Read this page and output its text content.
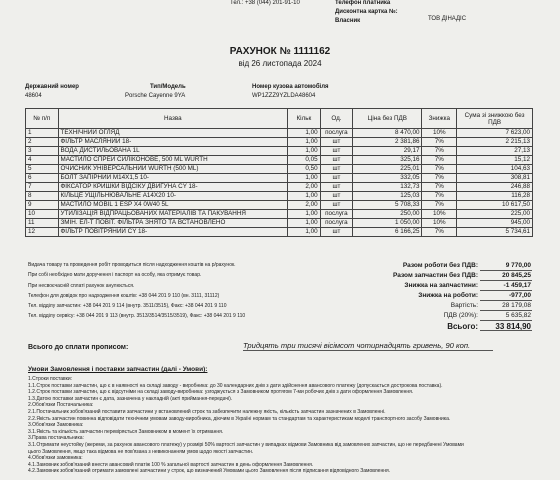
Тел.: +38 (044) 201-91-10	Телефон платника
Дисконтна картка №:
Власник	ТОВ ДІНАДІС
РАХУНОК № 1111162
від 26 листопада 2024
Державний номер
48604
Тип/Модель
Porsche Cayenne 9YA
Номер кузова автомобіля
WP1ZZZ9YZLDA48604
№ п/п	Назва	Кільк	Од.	Ціна без ПДВ	Знижка	Сума зі знижкою без ПДВ
1	ТЕХНІЧНИЙ ОГЛЯД	1,00	послуга	8 470,00	10%	7 623,00
2	ФІЛЬТР МАСЛЯНИЙ 18-	1,00	шт	2 381,86	7%	2 215,13
3	ВОДА ДИСТИЛЬОВАНА 1L	1,00	шт	29,17	7%	27,13
4	МАСТИЛО СПРЕЙ СИЛІКОНОВЕ, 500 ML WURTH	0,05	шт	325,16	7%	15,12
5	ОЧИСНИК УНІВЕРСАЛЬНИЙ WURTH (500 ML)	0,50	шт	225,01	7%	104,63
6	БОЛТ ЗАПІРНИЙ М14Х1,5 10-	1,00	шт	332,05	7%	308,81
7	ФІКСАТОР КРИШКИ ВІДСІКУ ДВИГУНА CY 18-	2,00	шт	132,73	7%	246,88
8	КІЛЬЦЕ УЩІЛЬНЮВАЛЬНЕ А14Х20 10-	1,00	шт	125,03	7%	116,28
9	МАСТИЛО MOBIL 1 ESP X4 0W40 5L	2,00	шт	5 708,33	7%	10 617,50
10	УТИЛІЗАЦІЯ ВІДПРАЦЬОВАНИХ МАТЕРІАЛІВ ТА ПАКУВАННЯ	1,00	послуга	250,00	10%	225,00
11	ЗМІН. ЕЛ-Т ПОВІТ. ФІЛЬТРА ЗНЯТО ТА ВСТАНОВЛЕНО	1,00	послуга	1 050,00	10%	945,00
12	ФІЛЬТР ПОВІТРЯНИЙ CY 18-	1,00	шт	6 166,25	7%	5 734,61
Видача товару та проведення робіт проводиться після надходження коштів на р/рахунок.
При собі необхідно мати доручення і паспорт на особу, яка отримує товар.
При несвоєчасній сплаті рахунок анулюється.
Телефон для довідок про надходження коштів: +38 044 201 9 110 (вн. 3111, 31112)
Тел. відділу запчастин: +38 044 201 9 114 (внутр. 3511/3515), Факс: +38 044 201 9 110
Тел. відділу сервісу: +38 044 201 9 113 (внутр. 3513/3514/3515/3519), Факс: +38 044 201 9 110
Разом роботи без ПДВ:	9 770,00
Разом запчастин без ПДВ:	20 845,25
Знижка на запчастини:	-1 459,17
Знижка на роботи:	-977,00
Вартість:	28 179,08
ПДВ (20%):	5 635,82
Всього: 33 814,90
Всього до сплати прописом:	Тридцять три тисячі вісімсот чотирнадцять гривень, 90 коп.
Умови Замовлення і поставки запчастин (далі - Умови):
1.Строки поставки:
1.1.Строк поставки запчастин, що є в наявності на складі заводу - виробника: до 30 календарних днів з дати здійснення авансового платежу (допускається дострокова поставка).
1.2.Строк поставки запчастин, що є відсутніми на складі заводу-виробника: узгоджується з Замовником протягом 7-ми робочих днів з дати оформлення Замовлення.
1.3.Датою поставки запчастин є дата, зазначена у накладній (акті приймання-передачі).
2.Обов'язки Постачальника:
2.1.Постачальник зобов'язаний поставити запчастини у встановлений строк та забезпечити належну якість, кількість запчастин зазначених в Замовленні.
2.2.Якість запчастин повинна відповідати технічним умовам заводу-виробника, діючим в Україні нормам та стандартам та характеристикам моделі транспортного засобу Замовника.
3.Обов'язки Замовника:
3.1.Якість та кількість запчастин перевіряється Замовником в момент їх отримання.
3.Права постачальника:
3.1.Отримати неустойку (жереми, за рахунок авансового платежу) у розмірі 50% вартості запчастин у випадках відмови Замовника від замовлених запчастин, що не передбачені Умовами
цього Замовлення, якщо така відмова не пов'язана з невиконанням умов щодо якості запчастин.
4.Обов'язки замовника:
4.1.Замовник зобов'язаний внести авансовий платіж 100 % загальної вартості запчастин в день оформлення Замовлення.
4.2.Замовник зобов'язаний отримати замовлені запчастини у строк, що визначений Умовами цього Замовлення після підписання відповідного Замовлення.
